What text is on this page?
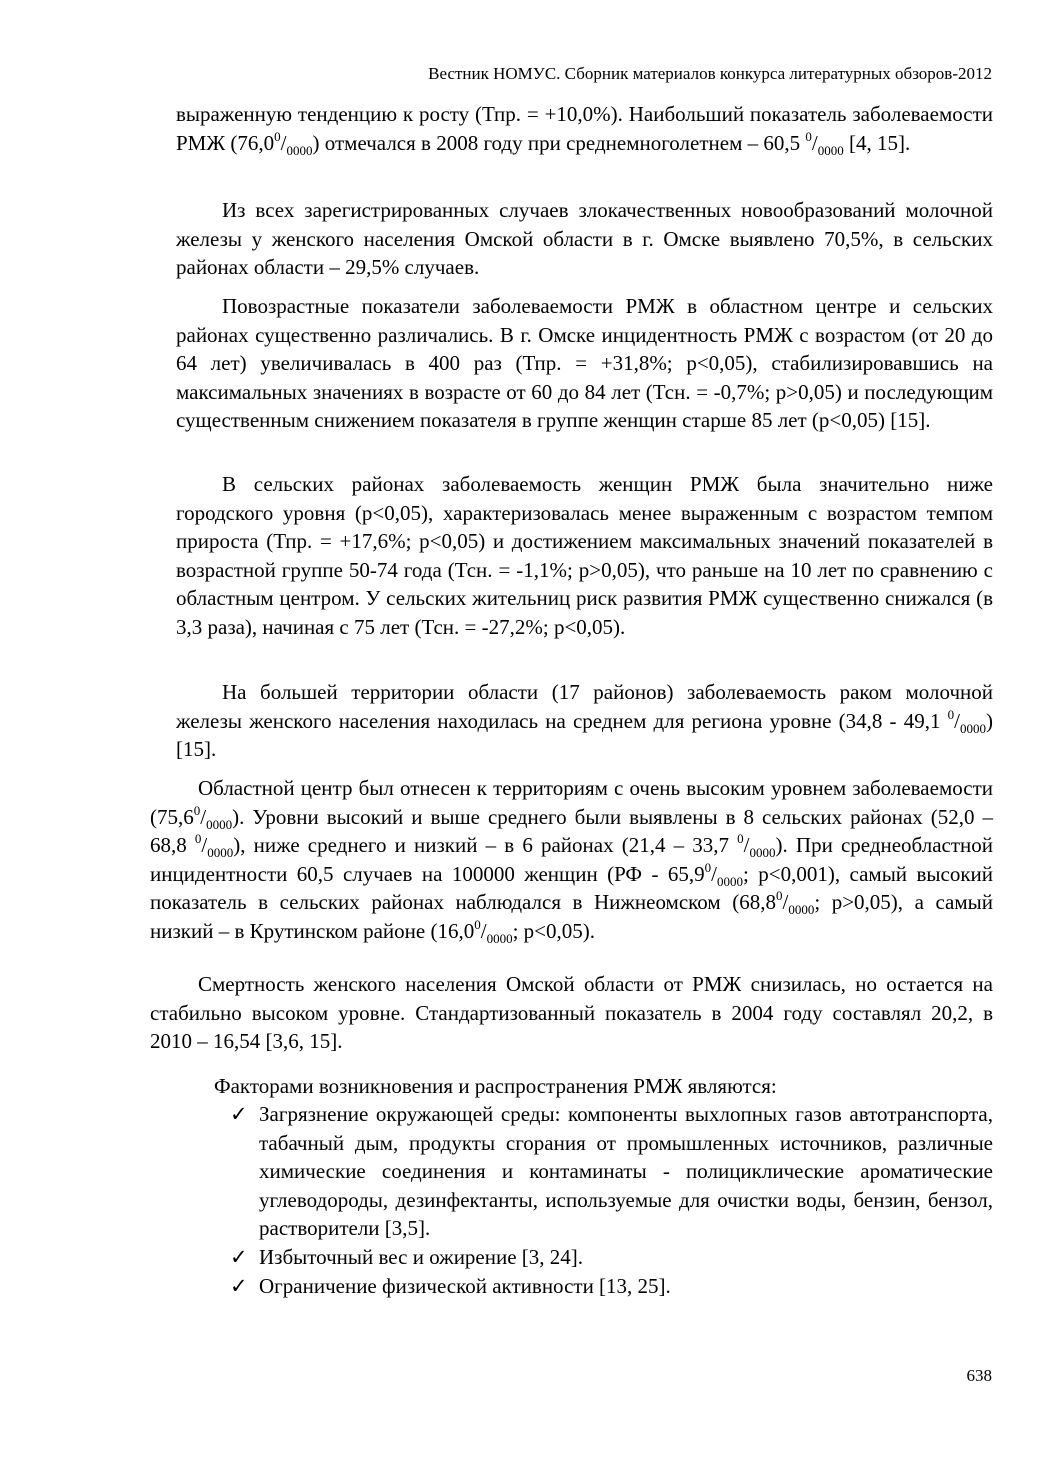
Вестник НОМУС. Сборник материалов конкурса литературных обзоров-2012

выраженную тенденцию к росту (Тпр. = +10,0%). Наибольший показатель заболеваемости РМЖ $(76,0^0/_{0000})$ отмечался в 2008 году при среднемноголетнем – 60,5 $^0/_{0000}$ [4, 15].

Из всех зарегистрированных случаев злокачественных новообразований молочной железы у женского населения Омской области в г. Омске выявлено 70,5%, в сельских районах области – 29,5% случаев.

Повозрастные показатели заболеваемости РМЖ в областном центре и сельских районах существенно различались. В г. Омске инцидентность РМЖ с возрастом (от 20 до 64 лет) увеличивалась в 400 раз (Тпр. = +31,8%; p<0,05), стабилизировавшись на максимальных значениях в возрасте от 60 до 84 лет (Тсн. = -0,7%; p>0,05) и последующим существенным снижением показателя в группе женщин старше 85 лет (p<0,05) [15].

В сельских районах заболеваемость женщин РМЖ была значительно ниже городского уровня (p<0,05), характеризовалась менее выраженным с возрастом темпом прироста (Тпр. = +17,6%; p<0,05) и достижением максимальных значений показателей в возрастной группе 50-74 года (Тсн. = -1,1%; p>0,05), что раньше на 10 лет по сравнению с областным центром. У сельских жительниц риск развития РМЖ существенно снижался (в 3,3 раза), начиная с 75 лет (Тсн. = -27,2%; p<0,05).

На большей территории области (17 районов) заболеваемость раком молочной железы женского населения находилась на среднем для региона уровне (34,8 - 49,1 $^0/_{0000}$) [15].

Областной центр был отнесен к территориям с очень высоким уровнем заболеваемости $(75,6^0/_{0000})$. Уровни высокий и выше среднего были выявлены в 8 сельских районах (52,0 – 68,8 $^0/_{0000}$), ниже среднего и низкий – в 6 районах (21,4 – 33,7 $^0/_{0000}$). При среднеобластной инцидентности 60,5 случаев на 100000 женщин ($РФ - 65,9^0/_{0000}$; p<0,001), самый высокий показатель в сельских районах наблюдался в Нижнеомском ($68,8^0/_{0000}$; p>0,05), а самый низкий – в Крутинском районе ($16,0^0/_{0000}$; p<0,05).

Смертность женского населения Омской области от РМЖ снизилась, но остается на стабильно высоком уровне. Стандартизованный показатель в 2004 году составлял 20,2, в 2010 – 16,54 [3,6, 15].

Факторами возникновения и распространения РМЖ являются:

✓ Загрязнение окружающей среды: компоненты выхлопных газов автотранспорта, табачный дым, продукты сгорания от промышленных источников, различные химические соединения и контаминаты - полициклические ароматические углеводороды, дезинфектанты, используемые для очистки воды, бензин, бензол, растворители [3,5].
✓ Избыточный вес и ожирение [3, 24].
✓ Ограничение физической активности [13, 25].
638
